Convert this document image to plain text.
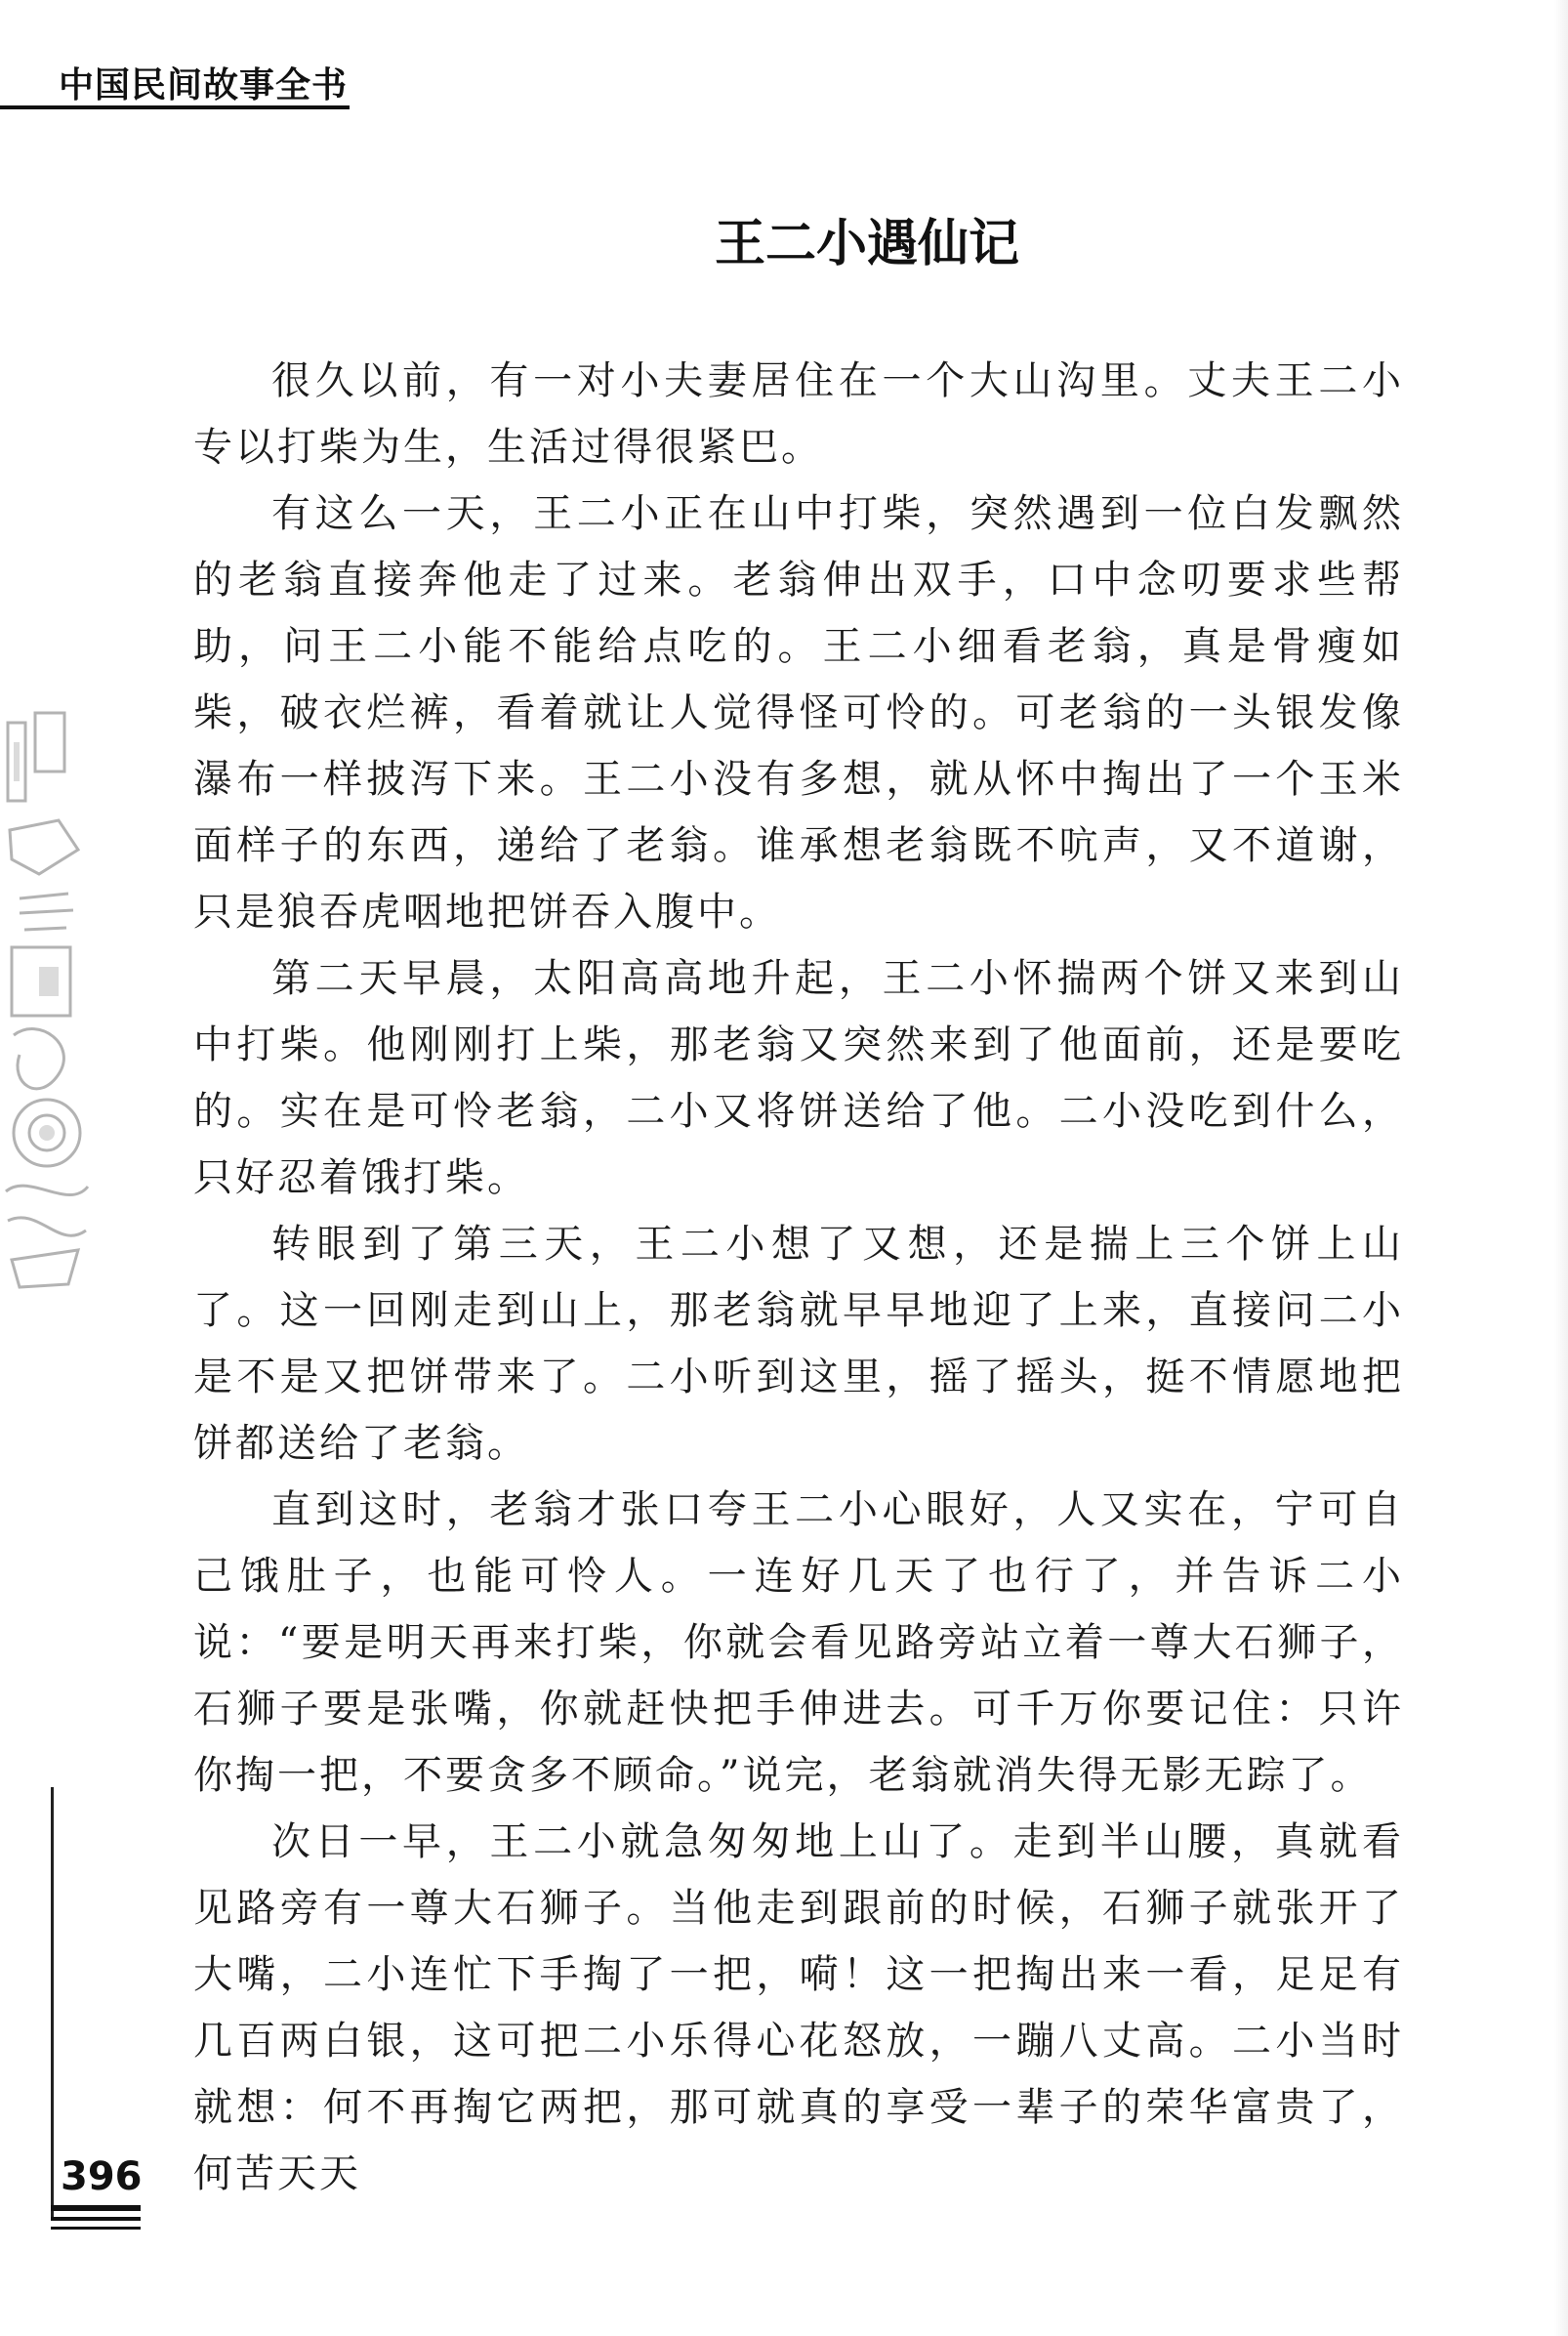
中国民间故事全书
王二小遇仙记

很久以前，有一对小夫妻居住在一个大山沟里。丈夫王二小专以打柴为生，生活过得很紧巴。

有这么一天，王二小正在山中打柴，突然遇到一位白发飘然的老翁直接奔他走了过来。老翁伸出双手，口中念叨要求些帮助，问王二小能不能给点吃的。王二小细看老翁，真是骨瘦如柴，破衣烂裤，看着就让人觉得怪可怜的。可老翁的一头银发像瀑布一样披泻下来。王二小没有多想，就从怀中掏出了一个玉米面样子的东西，递给了老翁。谁承想老翁既不吭声，又不道谢，只是狼吞虎咽地把饼吞入腹中。

第二天早晨，太阳高高地升起，王二小怀揣两个饼又来到山中打柴。他刚刚打上柴，那老翁又突然来到了他面前，还是要吃的。实在是可怜老翁，二小又将饼送给了他。二小没吃到什么，只好忍着饿打柴。

转眼到了第三天，王二小想了又想，还是揣上三个饼上山了。这一回刚走到山上，那老翁就早早地迎了上来，直接问二小是不是又把饼带来了。二小听到这里，摇了摇头，挺不情愿地把饼都送给了老翁。

直到这时，老翁才张口夸王二小心眼好，人又实在，宁可自己饿肚子，也能可怜人。一连好几天了也行了，并告诉二小说：“要是明天再来打柴，你就会看见路旁站立着一尊大石狮子，石狮子要是张嘴，你就赶快把手伸进去。可千万你要记住：只许你掏一把，不要贪多不顾命。”说完，老翁就消失得无影无踪了。

次日一早，王二小就急匆匆地上山了。走到半山腰，真就看见路旁有一尊大石狮子。当他走到跟前的时候，石狮子就张开了大嘴，二小连忙下手掏了一把，嗬！这一把掏出来一看，足足有几百两白银，这可把二小乐得心花怒放，一蹦八丈高。二小当时就想：何不再掏它两把，那可就真的享受一辈子的荣华富贵了，何苦天天

396
